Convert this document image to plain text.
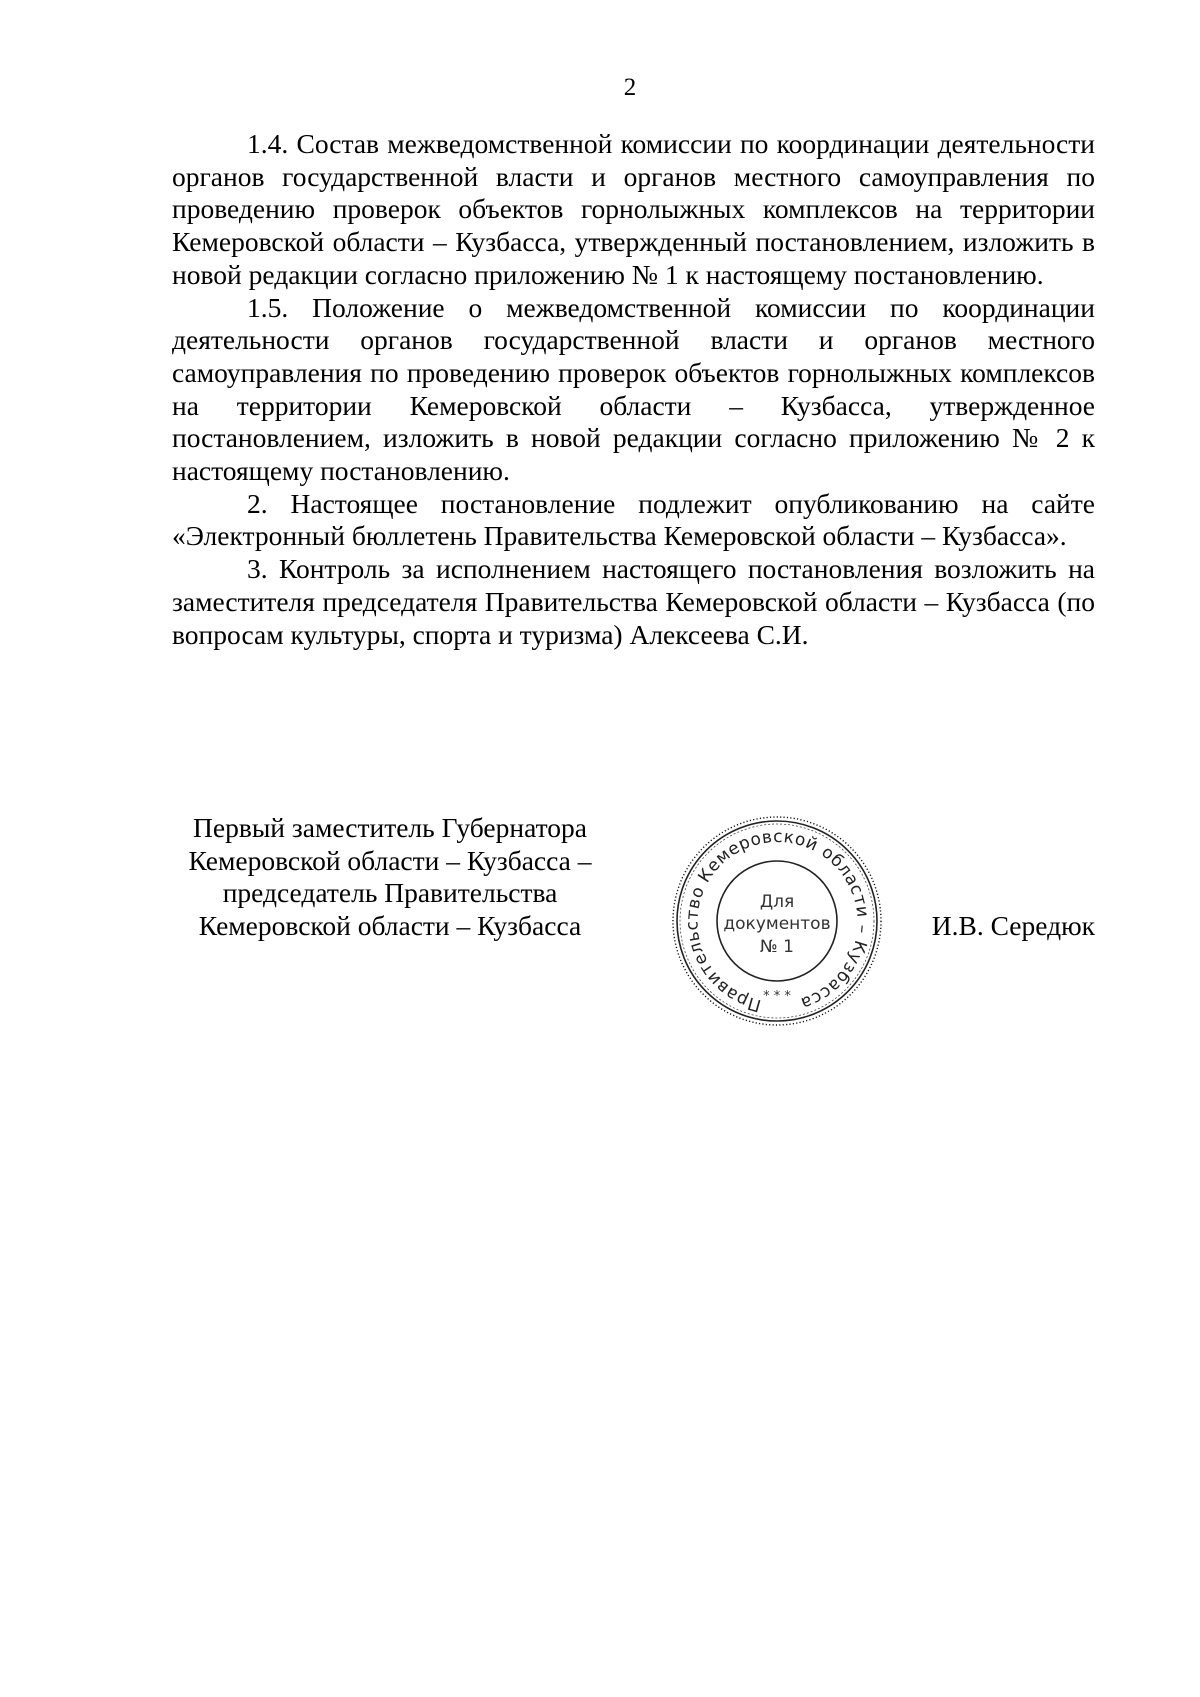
2

1.4. Состав межведомственной комиссии по координации деятельности органов государственной власти и органов местного самоуправления по проведению проверок объектов горнолыжных комплексов на территории Кемеровской области – Кузбасса, утвержденный постановлением, изложить в новой редакции согласно приложению № 1 к настоящему постановлению.

1.5. Положение о межведомственной комиссии по координации деятельности органов государственной власти и органов местного самоуправления по проведению проверок объектов горнолыжных комплексов на территории Кемеровской области – Кузбасса, утвержденное постановлением, изложить в новой редакции согласно приложению № 2 к настоящему постановлению.

2. Настоящее постановление подлежит опубликованию на сайте «Электронный бюллетень Правительства Кемеровской области – Кузбасса».

3. Контроль за исполнением настоящего постановления возложить на заместителя председателя Правительства Кемеровской области – Кузбасса (по вопросам культуры, спорта и туризма) Алексеева С.И.

Первый заместитель Губернатора
Кемеровской области – Кузбасса –
председатель Правительства
Кемеровской области – Кузбасса
Правительство Кемеровской области – Кузбасса
Для
документов
№ 1
* * *
И.В. Середюк
